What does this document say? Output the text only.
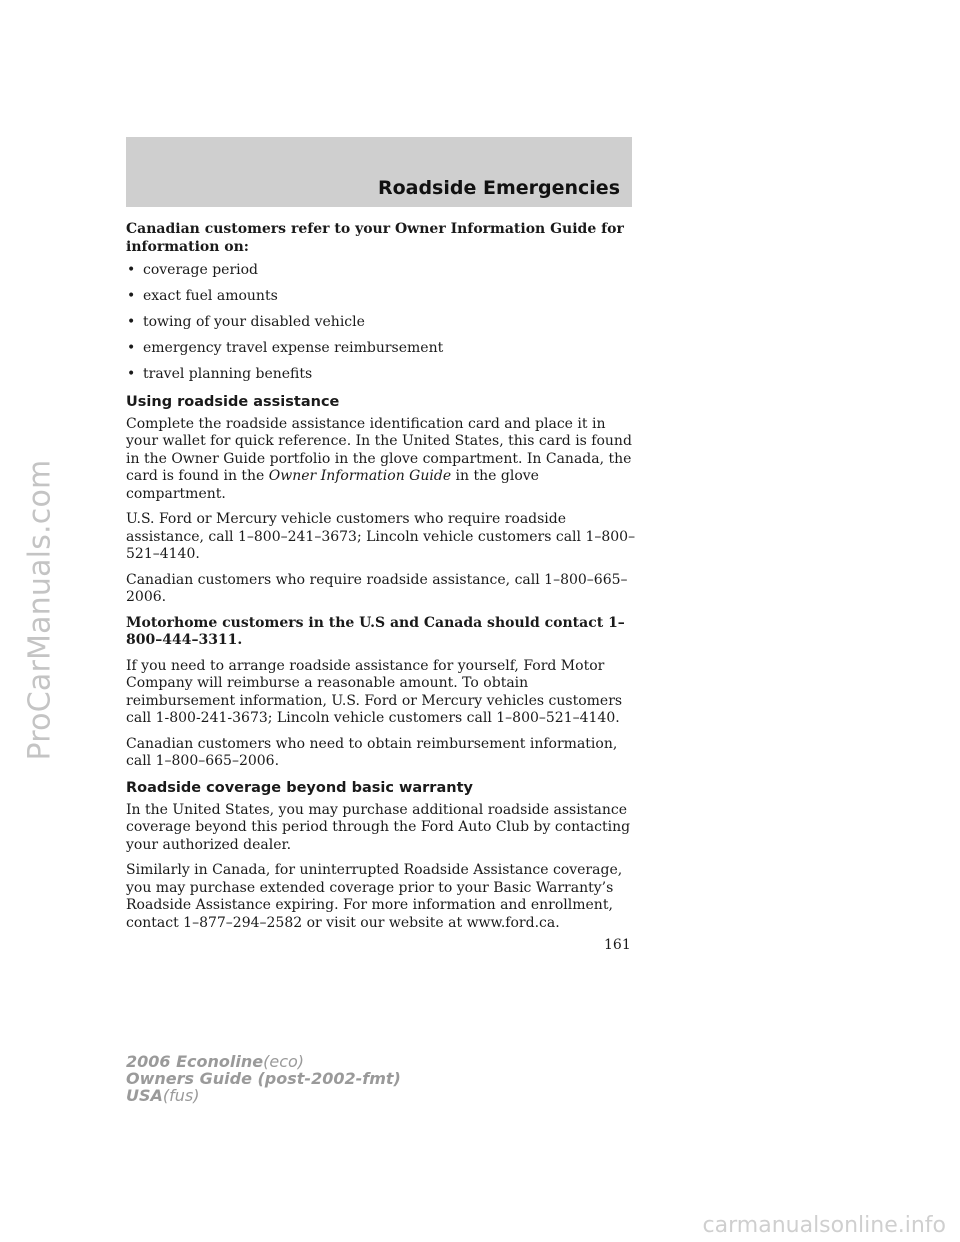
ProCarManuals.com
Roadside Emergencies

Canadian customers refer to your Owner Information Guide for information on:

• coverage period
• exact fuel amounts
• towing of your disabled vehicle
• emergency travel expense reimbursement
• travel planning benefits
Using roadside assistance

Complete the roadside assistance identification card and place it in your wallet for quick reference. In the United States, this card is found in the Owner Guide portfolio in the glove compartment. In Canada, the card is found in the Owner Information Guide in the glove compartment.

U.S. Ford or Mercury vehicle customers who require roadside assistance, call 1–800–241–3673; Lincoln vehicle customers call 1–800–521–4140.

Canadian customers who require roadside assistance, call 1–800–665–2006.

Motorhome customers in the U.S and Canada should contact 1–800–444–3311.

If you need to arrange roadside assistance for yourself, Ford Motor Company will reimburse a reasonable amount. To obtain reimbursement information, U.S. Ford or Mercury vehicles customers call 1-800-241-3673; Lincoln vehicle customers call 1–800–521–4140.

Canadian customers who need to obtain reimbursement information, call 1–800–665–2006.

Roadside coverage beyond basic warranty

In the United States, you may purchase additional roadside assistance coverage beyond this period through the Ford Auto Club by contacting your authorized dealer.

Similarly in Canada, for uninterrupted Roadside Assistance coverage, you may purchase extended coverage prior to your Basic Warranty’s Roadside Assistance expiring. For more information and enrollment, contact 1–877–294–2582 or visit our website at www.ford.ca.

161
2006 Econoline(eco)
Owners Guide (post-2002-fmt)
USA(fus)
carmanualsonline.info
